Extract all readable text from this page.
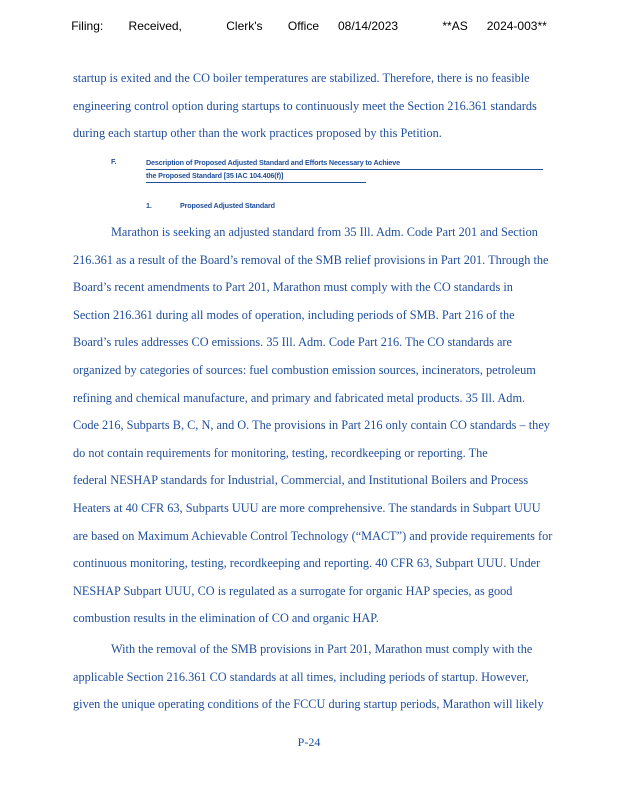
Filing:    Received,       Clerk's    Office   08/14/2023       **AS   2024-003**
startup is exited and the CO boiler temperatures are stabilized. Therefore, there is no feasible
engineering control option during startups to continuously meet the Section 216.361 standards
during each startup other than the work practices proposed by this Petition.
F.	Description of Proposed Adjusted Standard and Efforts Necessary to Achieve
the Proposed Standard [35 IAC 104.406(f)]
1.	Proposed Adjusted Standard
Marathon is seeking an adjusted standard from 35 Ill. Adm. Code Part 201 and Section
216.361 as a result of the Board’s removal of the SMB relief provisions in Part 201. Through the
Board’s recent amendments to Part 201, Marathon must comply with the CO standards in
Section 216.361 during all modes of operation, including periods of SMB. Part 216 of the
Board’s rules addresses CO emissions. 35 Ill. Adm. Code Part 216. The CO standards are
organized by categories of sources: fuel combustion emission sources, incinerators, petroleum
refining and chemical manufacture, and primary and fabricated metal products. 35 Ill. Adm.
Code 216, Subparts B, C, N, and O. The provisions in Part 216 only contain CO standards – they
do not contain requirements for monitoring, testing, recordkeeping or reporting. The
federal NESHAP standards for Industrial, Commercial, and Institutional Boilers and Process
Heaters at 40 CFR 63, Subparts UUU are more comprehensive. The standards in Subpart UUU
are based on Maximum Achievable Control Technology (“MACT”) and provide requirements for
continuous monitoring, testing, recordkeeping and reporting. 40 CFR 63, Subpart UUU. Under
NESHAP Subpart UUU, CO is regulated as a surrogate for organic HAP species, as good
combustion results in the elimination of CO and organic HAP.
With the removal of the SMB provisions in Part 201, Marathon must comply with the
applicable Section 216.361 CO standards at all times, including periods of startup. However,
given the unique operating conditions of the FCCU during startup periods, Marathon will likely
P-24
